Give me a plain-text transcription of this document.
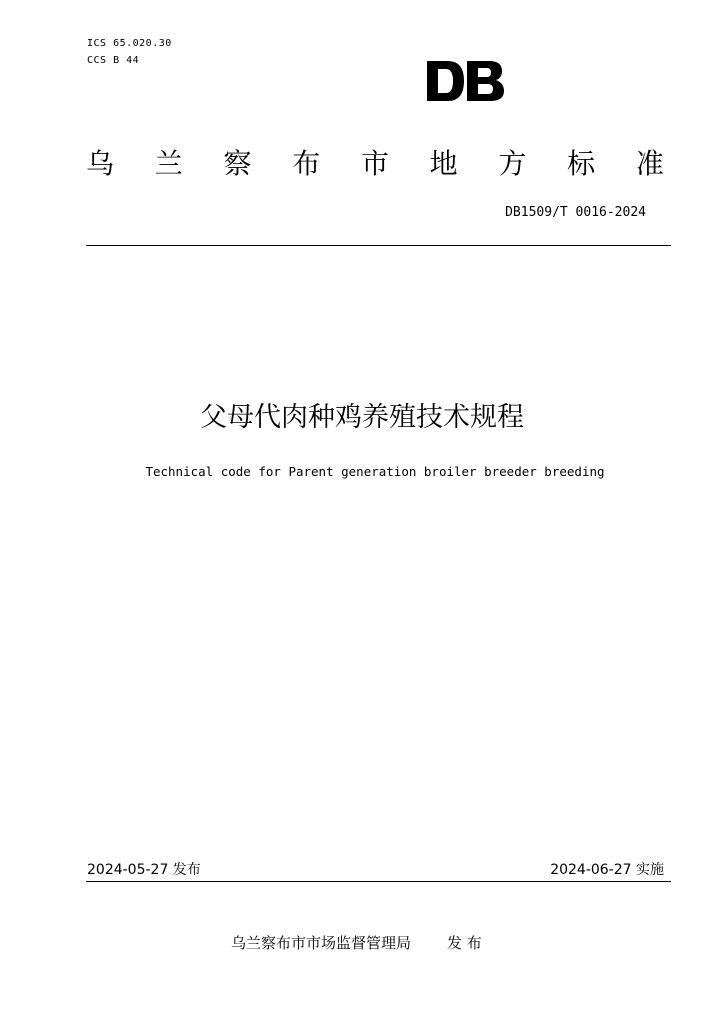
ICS 65.020.30
CCS B 44
乌 兰 察 布 市 地 方 标 准
DB1509/T 0016-2024
父母代肉种鸡养殖技术规程
Technical code for Parent generation broiler breeder breeding
2024-05-27 发布	2024-06-27 实施
乌兰察布市市场监督管理局 发 布
